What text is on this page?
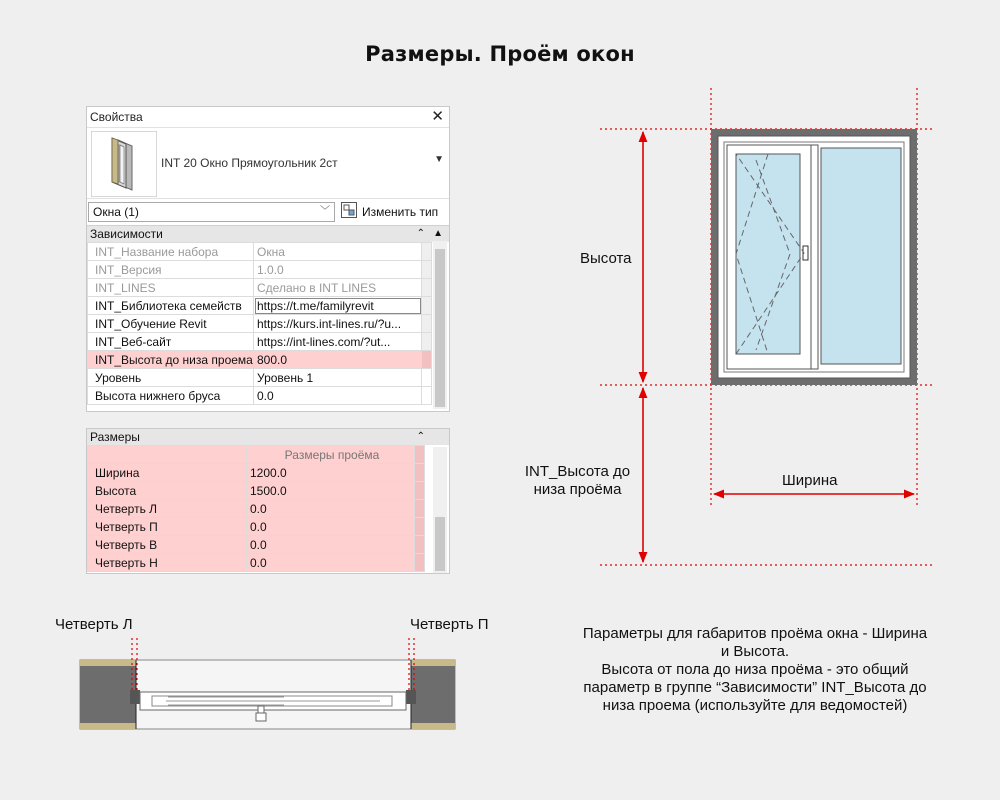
Размеры. Проём окон
Свойства	✕
INT 20 Окно Прямоугольник 2ст	▼
Окна (1)	﹀	Изменить тип
Зависимости	⌃ ▲
INT_Название набора	Окна	
INT_Версия	1.0.0	
INT_LINES	Сделано в INT LINES	
INT_Библиотека семейств	https://t.me/familyrevit	
INT_Обучение Revit	https://kurs.int-lines.ru/?u...	
INT_Веб-сайт	https://int-lines.com/?ut...	
INT_Высота до низа проема	800.0	
Уровень	Уровень 1	
Высота нижнего бруса	0.0	
Размеры	⌃
	Размеры проёма	
Ширина	1200.0	
Высота	1500.0	
Четверть Л	0.0	
Четверть П	0.0	
Четверть В	0.0	
Четверть Н	0.0	
Высота
INT_Высота до
низа проёма
Ширина
Четверть Л	Четверть П
Параметры для габаритов проёма окна - Ширина
и Высота.
Высота от пола до низа проёма - это общий
параметр в группе “Зависимости” INT_Высота до
низа проема (используйте для ведомостей)
